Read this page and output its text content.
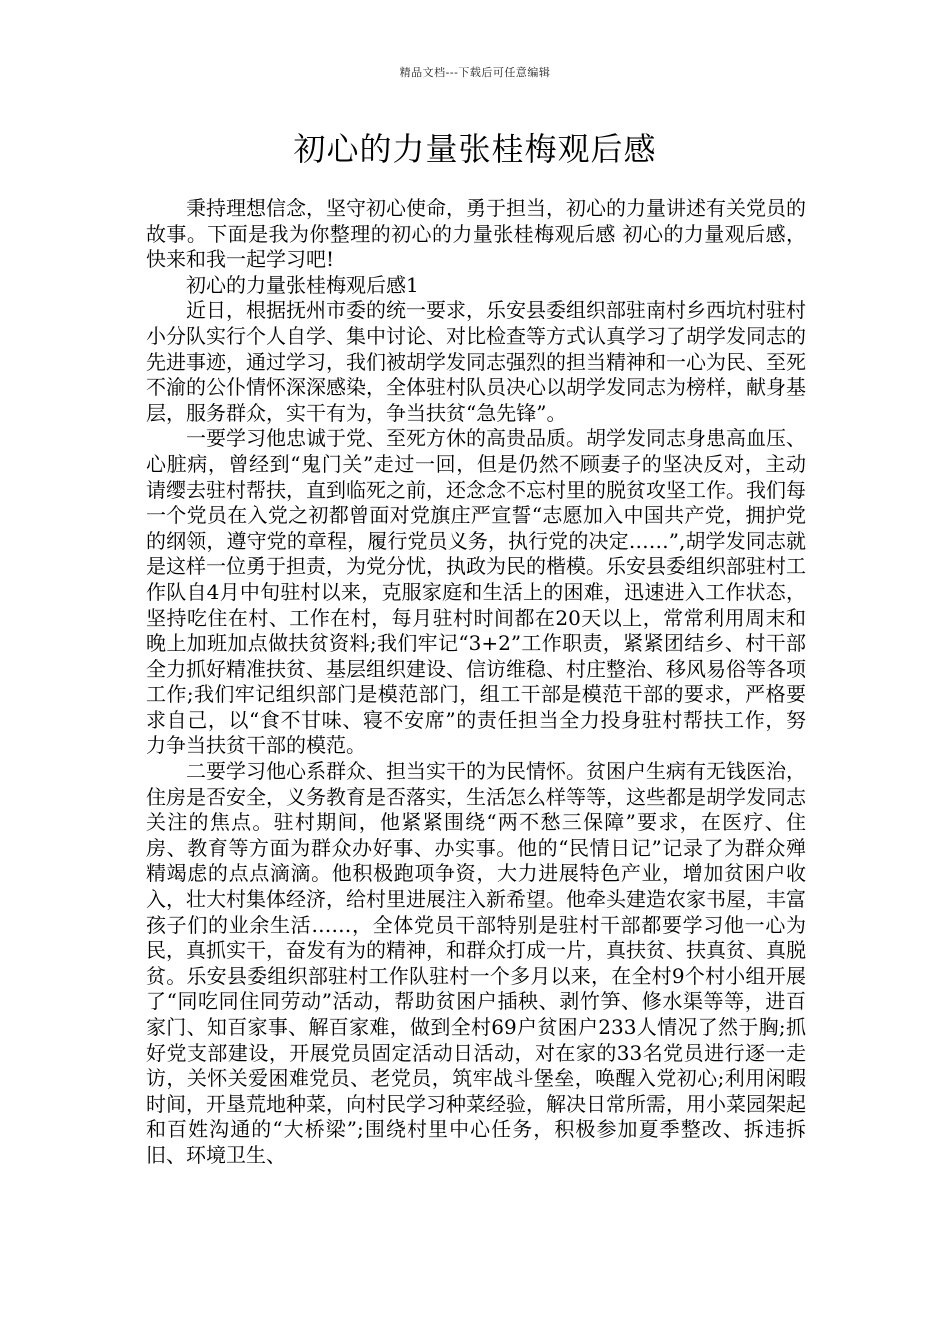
精品文档---下载后可任意编辑
初心的力量张桂梅观后感

秉持理想信念，坚守初心使命，勇于担当，初心的力量讲述有关党员的故事。下面是我为你整理的初心的力量张桂梅观后感 初心的力量观后感，快来和我一起学习吧!

初心的力量张桂梅观后感1

近日，根据抚州市委的统一要求，乐安县委组织部驻南村乡西坑村驻村小分队实行个人自学、集中讨论、对比检查等方式认真学习了胡学发同志的先进事迹，通过学习，我们被胡学发同志强烈的担当精神和一心为民、至死不渝的公仆情怀深深感染，全体驻村队员决心以胡学发同志为榜样，献身基层，服务群众，实干有为，争当扶贫“急先锋”。

一要学习他忠诚于党、至死方休的高贵品质。胡学发同志身患高血压、心脏病，曾经到“鬼门关”走过一回，但是仍然不顾妻子的坚决反对，主动请缨去驻村帮扶，直到临死之前，还念念不忘村里的脱贫攻坚工作。我们每一个党员在入党之初都曾面对党旗庄严宣誓“志愿加入中国共产党，拥护党的纲领，遵守党的章程，履行党员义务，执行党的决定……”,胡学发同志就是这样一位勇于担责，为党分忧，执政为民的楷模。乐安县委组织部驻村工作队自4月中旬驻村以来，克服家庭和生活上的困难，迅速进入工作状态，坚持吃住在村、工作在村，每月驻村时间都在20天以上，常常利用周末和晚上加班加点做扶贫资料;我们牢记“3+2”工作职责，紧紧团结乡、村干部全力抓好精准扶贫、基层组织建设、信访维稳、村庄整治、移风易俗等各项工作;我们牢记组织部门是模范部门，组工干部是模范干部的要求，严格要求自己，以“食不甘味、寝不安席”的责任担当全力投身驻村帮扶工作，努力争当扶贫干部的模范。

二要学习他心系群众、担当实干的为民情怀。贫困户生病有无钱医治，住房是否安全，义务教育是否落实，生活怎么样等等，这些都是胡学发同志关注的焦点。驻村期间，他紧紧围绕“两不愁三保障”要求，在医疗、住房、教育等方面为群众办好事、办实事。他的“民情日记”记录了为群众殚精竭虑的点点滴滴。他积极跑项争资，大力进展特色产业，增加贫困户收入，壮大村集体经济，给村里进展注入新希望。他牵头建造农家书屋，丰富孩子们的业余生活……，全体党员干部特别是驻村干部都要学习他一心为民，真抓实干，奋发有为的精神，和群众打成一片，真扶贫、扶真贫、真脱贫。乐安县委组织部驻村工作队驻村一个多月以来，在全村9个村小组开展了“同吃同住同劳动”活动，帮助贫困户插秧、剥竹笋、修水渠等等，进百家门、知百家事、解百家难，做到全村69户贫困户233人情况了然于胸;抓好党支部建设，开展党员固定活动日活动，对在家的33名党员进行逐一走访，关怀关爱困难党员、老党员，筑牢战斗堡垒，唤醒入党初心;利用闲暇时间，开垦荒地种菜，向村民学习种菜经验，解决日常所需，用小菜园架起和百姓沟通的“大桥梁”;围绕村里中心任务，积极参加夏季整改、拆违拆旧、环境卫生、
